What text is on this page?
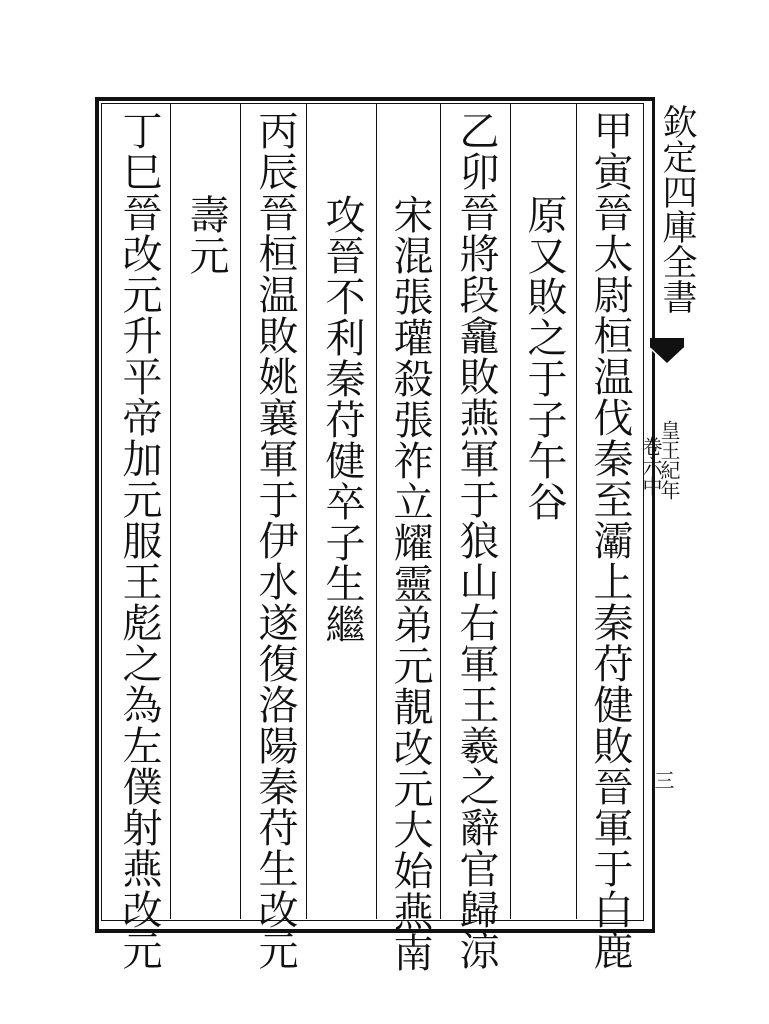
欽定四庫全書
皇王紀年
卷六中
三
甲寅晉太尉桓温伐秦至灞上秦苻健敗晉軍于白鹿
原又敗之于子午谷
乙卯晉將段龕敗燕軍于狼山右軍王羲之辭官歸涼
宋混張瓘殺張祚立耀靈弟元靚改元大始燕南
攻晉不利秦苻健卒子生繼
丙辰晉桓温敗姚襄軍于伊水遂復洛陽秦苻生改元
壽元
丁巳晉改元升平帝加元服王彪之為左僕射燕改元
